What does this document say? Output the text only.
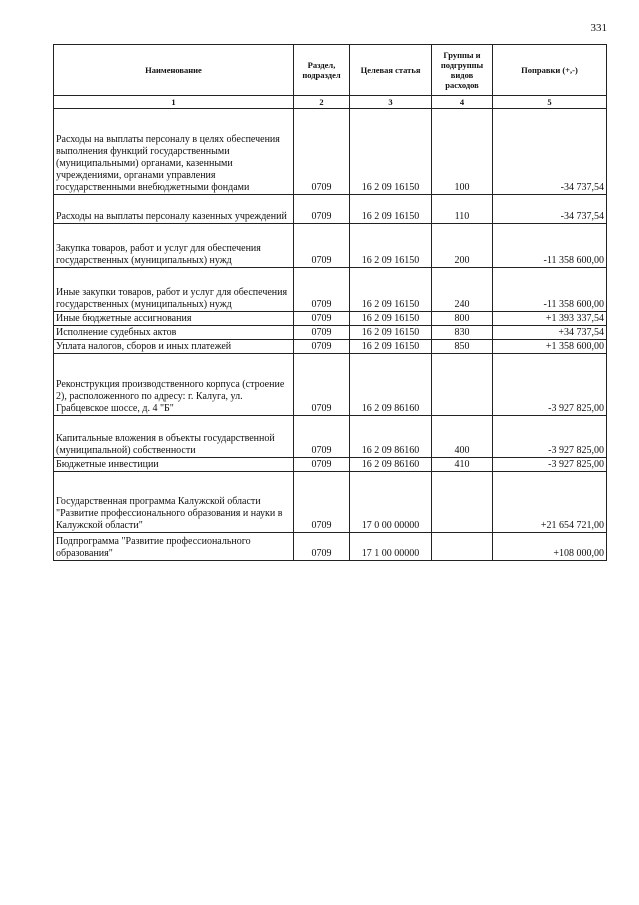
331
Наименование	Раздел, подраздел	Целевая статья	Группы и подгруппы видов расходов	Поправки (+,-)
1	2	3	4	5
Расходы на выплаты персоналу в целях обеспечения выполнения функций государственными (муниципальными) органами, казенными учреждениями, органами управления государственными внебюджетными фондами	0709	16 2 09 16150	100	-34 737,54
Расходы на выплаты персоналу казенных учреждений	0709	16 2 09 16150	110	-34 737,54
Закупка товаров, работ и услуг для обеспечения государственных (муниципальных) нужд	0709	16 2 09 16150	200	-11 358 600,00
Иные закупки товаров, работ и услуг для обеспечения государственных (муниципальных) нужд	0709	16 2 09 16150	240	-11 358 600,00
Иные бюджетные ассигнования	0709	16 2 09 16150	800	+1 393 337,54
Исполнение судебных актов	0709	16 2 09 16150	830	+34 737,54
Уплата налогов, сборов и иных платежей	0709	16 2 09 16150	850	+1 358 600,00
Реконструкция производственного корпуса (строение 2), расположенного по адресу: г. Калуга, ул. Грабцевское шоссе, д. 4 "Б"	0709	16 2 09 86160		-3 927 825,00
Капитальные вложения в объекты государственной (муниципальной) собственности	0709	16 2 09 86160	400	-3 927 825,00
Бюджетные инвестиции	0709	16 2 09 86160	410	-3 927 825,00
Государственная программа Калужской области "Развитие профессионального образования и науки в Калужской области"	0709	17 0 00 00000		+21 654 721,00
Подпрограмма "Развитие профессионального образования"	0709	17 1 00 00000		+108 000,00
